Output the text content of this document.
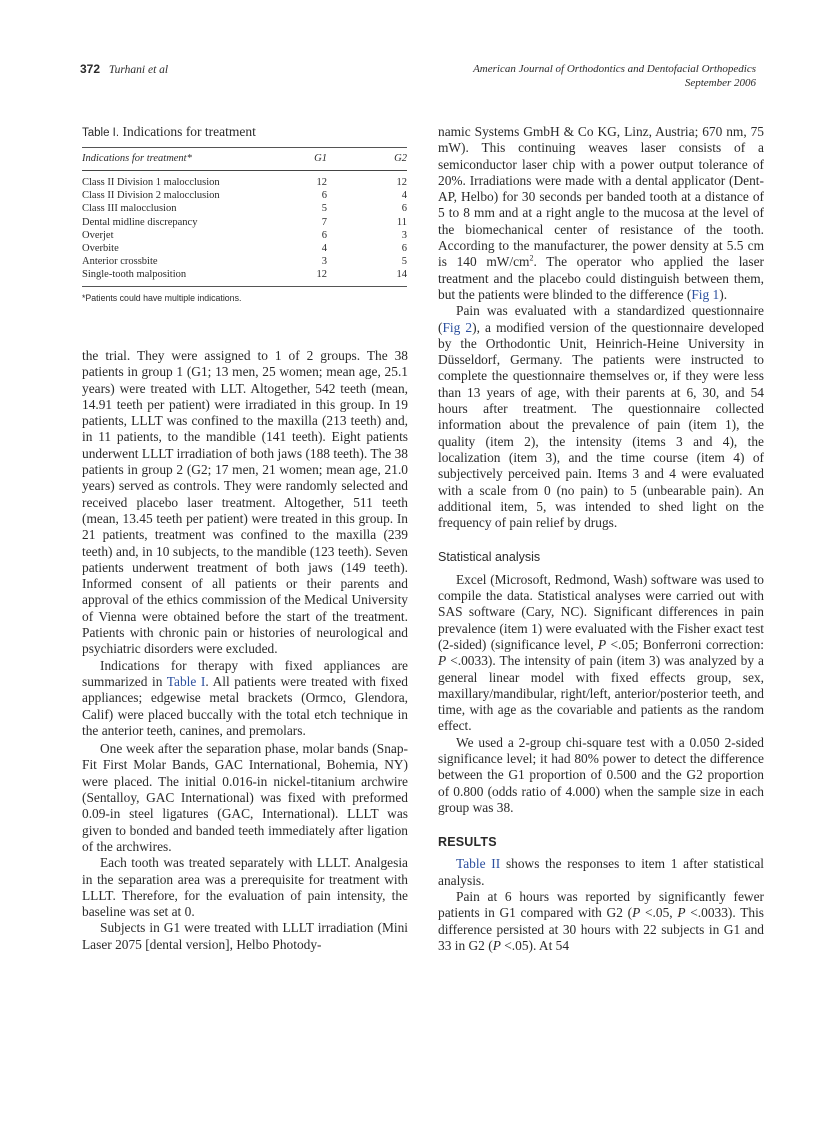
372 Turhani et al	American Journal of Orthodontics and Dentofacial Orthopedics
September 2006
Table I. Indications for treatment
Indications for treatment*	G1	G2
Class II Division 1 malocclusion	12	12
Class II Division 2 malocclusion	6	4
Class III malocclusion	5	6
Dental midline discrepancy	7	11
Overjet	6	3
Overbite	4	6
Anterior crossbite	3	5
Single-tooth malposition	12	14
*Patients could have multiple indications.

the trial. They were assigned to 1 of 2 groups. The 38 patients in group 1 (G1; 13 men, 25 women; mean age, 25.1 years) were treated with LLT. Altogether, 542 teeth (mean, 14.91 teeth per patient) were irradiated in this group. In 19 patients, LLLT was confined to the maxilla (213 teeth) and, in 11 patients, to the mandible (141 teeth). Eight patients underwent LLLT irradiation of both jaws (188 teeth). The 38 patients in group 2 (G2; 17 men, 21 women; mean age, 21.0 years) served as controls. They were randomly selected and received placebo laser treatment. Altogether, 511 teeth (mean, 13.45 teeth per patient) were treated in this group. In 21 patients, treatment was confined to the maxilla (239 teeth) and, in 10 subjects, to the mandible (123 teeth). Seven patients underwent treatment of both jaws (149 teeth). Informed consent of all patients or their parents and approval of the ethics commission of the Medical University of Vienna were obtained before the start of the treatment. Patients with chronic pain or histories of neurological and psychiatric disorders were excluded.

Indications for therapy with fixed appliances are summarized in Table I. All patients were treated with fixed appliances; edgewise metal brackets (Ormco, Glendora, Calif) were placed buccally with the total etch technique in the anterior teeth, canines, and premolars.

One week after the separation phase, molar bands (Snap-Fit First Molar Bands, GAC International, Bohemia, NY) were placed. The initial 0.016-in nickel-titanium archwire (Sentalloy, GAC International) was fixed with preformed 0.09-in steel ligatures (GAC, International). LLLT was given to bonded and banded teeth immediately after ligation of the archwires.

Each tooth was treated separately with LLLT. Analgesia in the separation area was a prerequisite for treatment with LLLT. Therefore, for the evaluation of pain intensity, the baseline was set at 0.

Subjects in G1 were treated with LLLT irradiation (Mini Laser 2075 [dental version], Helbo Photody-

namic Systems GmbH & Co KG, Linz, Austria; 670 nm, 75 mW). This continuing weaves laser consists of a semiconductor laser chip with a power output tolerance of 20%. Irradiations were made with a dental applicator (Dent-AP, Helbo) for 30 seconds per banded tooth at a distance of 5 to 8 mm and at a right angle to the mucosa at the level of the biomechanical center of resistance of the tooth. According to the manufacturer, the power density at 5.5 cm is 140 $mW/cm^2$. The operator who applied the laser treatment and the placebo could distinguish between them, but the patients were blinded to the difference (Fig 1).

Pain was evaluated with a standardized questionnaire (Fig 2), a modified version of the questionnaire developed by the Orthodontic Unit, Heinrich-Heine University in Düsseldorf, Germany. The patients were instructed to complete the questionnaire themselves or, if they were less than 13 years of age, with their parents at 6, 30, and 54 hours after treatment. The questionnaire collected information about the prevalence of pain (item 1), the quality (item 2), the intensity (items 3 and 4), the localization (item 3), and the time course (item 4) of subjectively perceived pain. Items 3 and 4 were evaluated with a scale from 0 (no pain) to 5 (unbearable pain). An additional item, 5, was intended to shed light on the frequency of pain relief by drugs.

Statistical analysis

Excel (Microsoft, Redmond, Wash) software was used to compile the data. Statistical analyses were carried out with SAS software (Cary, NC). Significant differences in pain prevalence (item 1) were evaluated with the Fisher exact test (2-sided) (significance level, P <.05; Bonferroni correction: P <.0033). The intensity of pain (item 3) was analyzed by a general linear model with fixed effects group, sex, maxillary/mandibular, right/left, anterior/posterior teeth, and time, with age as the covariable and patients as the random effect.

We used a 2-group chi-square test with a 0.050 2-sided significance level; it had 80% power to detect the difference between the G1 proportion of 0.500 and the G2 proportion of 0.800 (odds ratio of 4.000) when the sample size in each group was 38.

RESULTS

Table II shows the responses to item 1 after statistical analysis.

Pain at 6 hours was reported by significantly fewer patients in G1 compared with G2 (P <.05, P <.0033). This difference persisted at 30 hours with 22 subjects in G1 and 33 in G2 (P <.05). At 54
